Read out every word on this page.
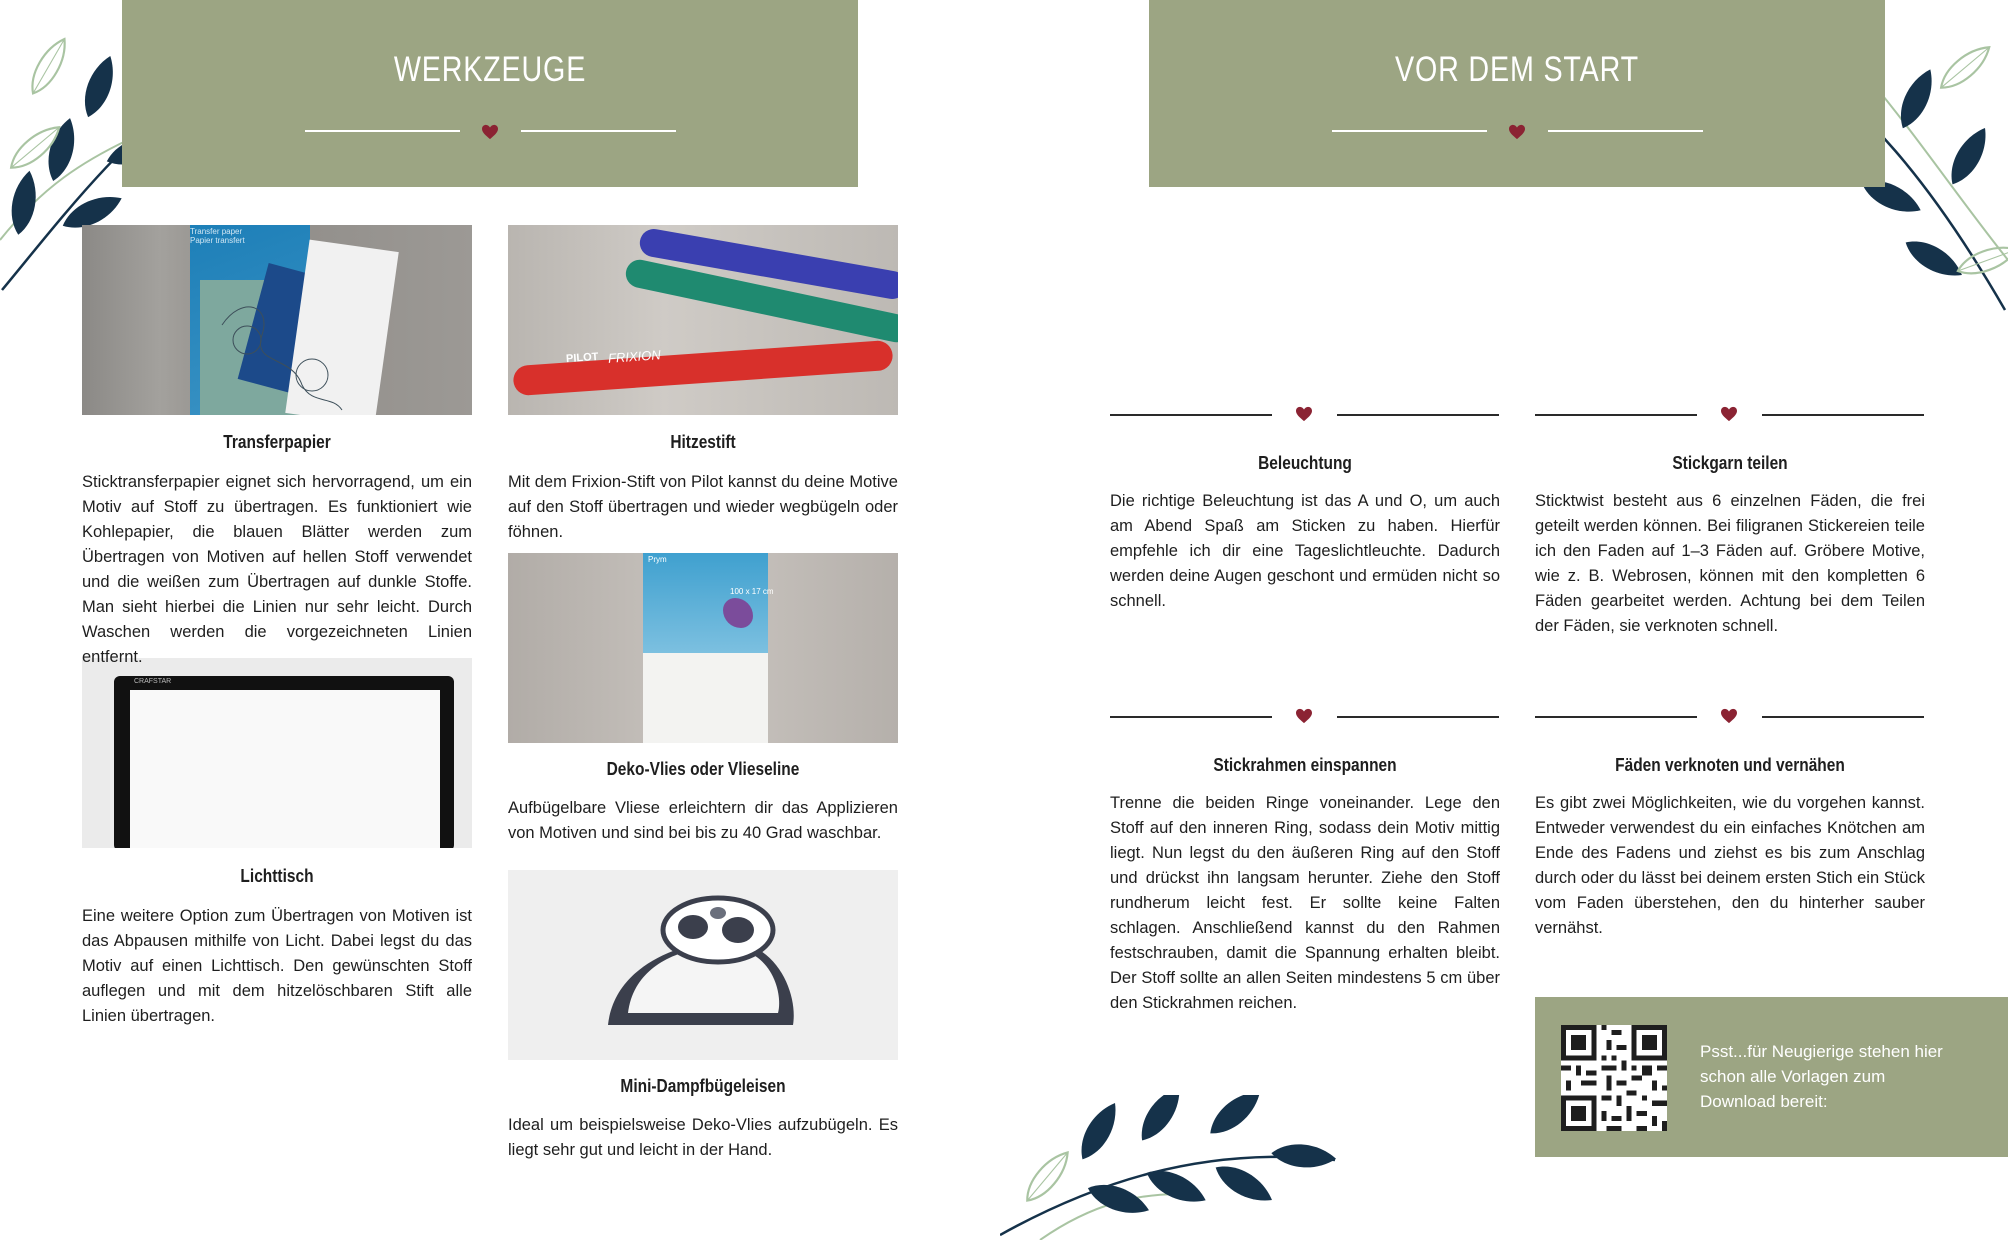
WERKZEUGE	VOR DEM START
Transfer paper
Papier transfert
PILOT FRIXION
Prym
100 x 17 cm
CRAFSTAR
Transferpapier
Sticktransferpapier eignet sich hervorragend, um ein Motiv auf Stoff zu übertragen. Es funktioniert wie Kohlepapier, die blauen Blätter werden zum Übertragen von Motiven auf hellen Stoff verwendet und die weißen zum Übertragen auf dunkle Stoffe. Man sieht hierbei die Linien nur sehr leicht. Durch Waschen werden die vorgezeichneten Linien entfernt.
Hitzestift
Mit dem Frixion-Stift von Pilot kannst du deine Motive auf den Stoff übertragen und wieder wegbügeln oder föhnen.
Deko-Vlies oder Vlieseline
Aufbügelbare Vliese erleichtern dir das Applizieren von Motiven und sind bei bis zu 40 Grad waschbar.
Lichttisch
Eine weitere Option zum Übertragen von Motiven ist das Abpausen mithilfe von Licht. Dabei legst du das Motiv auf einen Lichttisch. Den gewünschten Stoff auflegen und mit dem hitzelöschbaren Stift alle Linien übertragen.
Mini-Dampfbügeleisen
Ideal um beispielsweise Deko-Vlies aufzubügeln. Es liegt sehr gut und leicht in der Hand.
Beleuchtung
Die richtige Beleuchtung ist das A und O, um auch am Abend Spaß am Sticken zu haben. Hierfür empfehle ich dir eine Tageslichtleuchte. Dadurch werden deine Augen geschont und ermüden nicht so schnell.
Stickgarn teilen
Sticktwist besteht aus 6 einzelnen Fäden, die frei geteilt werden können. Bei filigranen Stickereien teile ich den Faden auf 1–3 Fäden auf. Gröbere Motive, wie z. B. Webrosen, können mit den kompletten 6 Fäden gearbeitet werden. Achtung bei dem Teilen der Fäden, sie verknoten schnell.
Stickrahmen einspannen
Trenne die beiden Ringe voneinander. Lege den Stoff auf den inneren Ring, sodass dein Motiv mittig liegt. Nun legst du den äußeren Ring auf den Stoff und drückst ihn langsam herunter. Ziehe den Stoff rundherum leicht fest. Er sollte keine Falten schlagen. Anschließend kannst du den Rahmen festschrauben, damit die Spannung erhalten bleibt. Der Stoff sollte an allen Seiten mindestens 5 cm über den Stickrahmen reichen.
Fäden verknoten und vernähen
Es gibt zwei Möglichkeiten, wie du vorgehen kannst. Entweder verwendest du ein einfaches Knötchen am Ende des Fadens und ziehst es bis zum Anschlag durch oder du lässt bei deinem ersten Stich ein Stück vom Faden überstehen, den du hinterher sauber vernähst.
Psst...für Neugierige stehen hier schon alle Vorlagen zum Download bereit:
